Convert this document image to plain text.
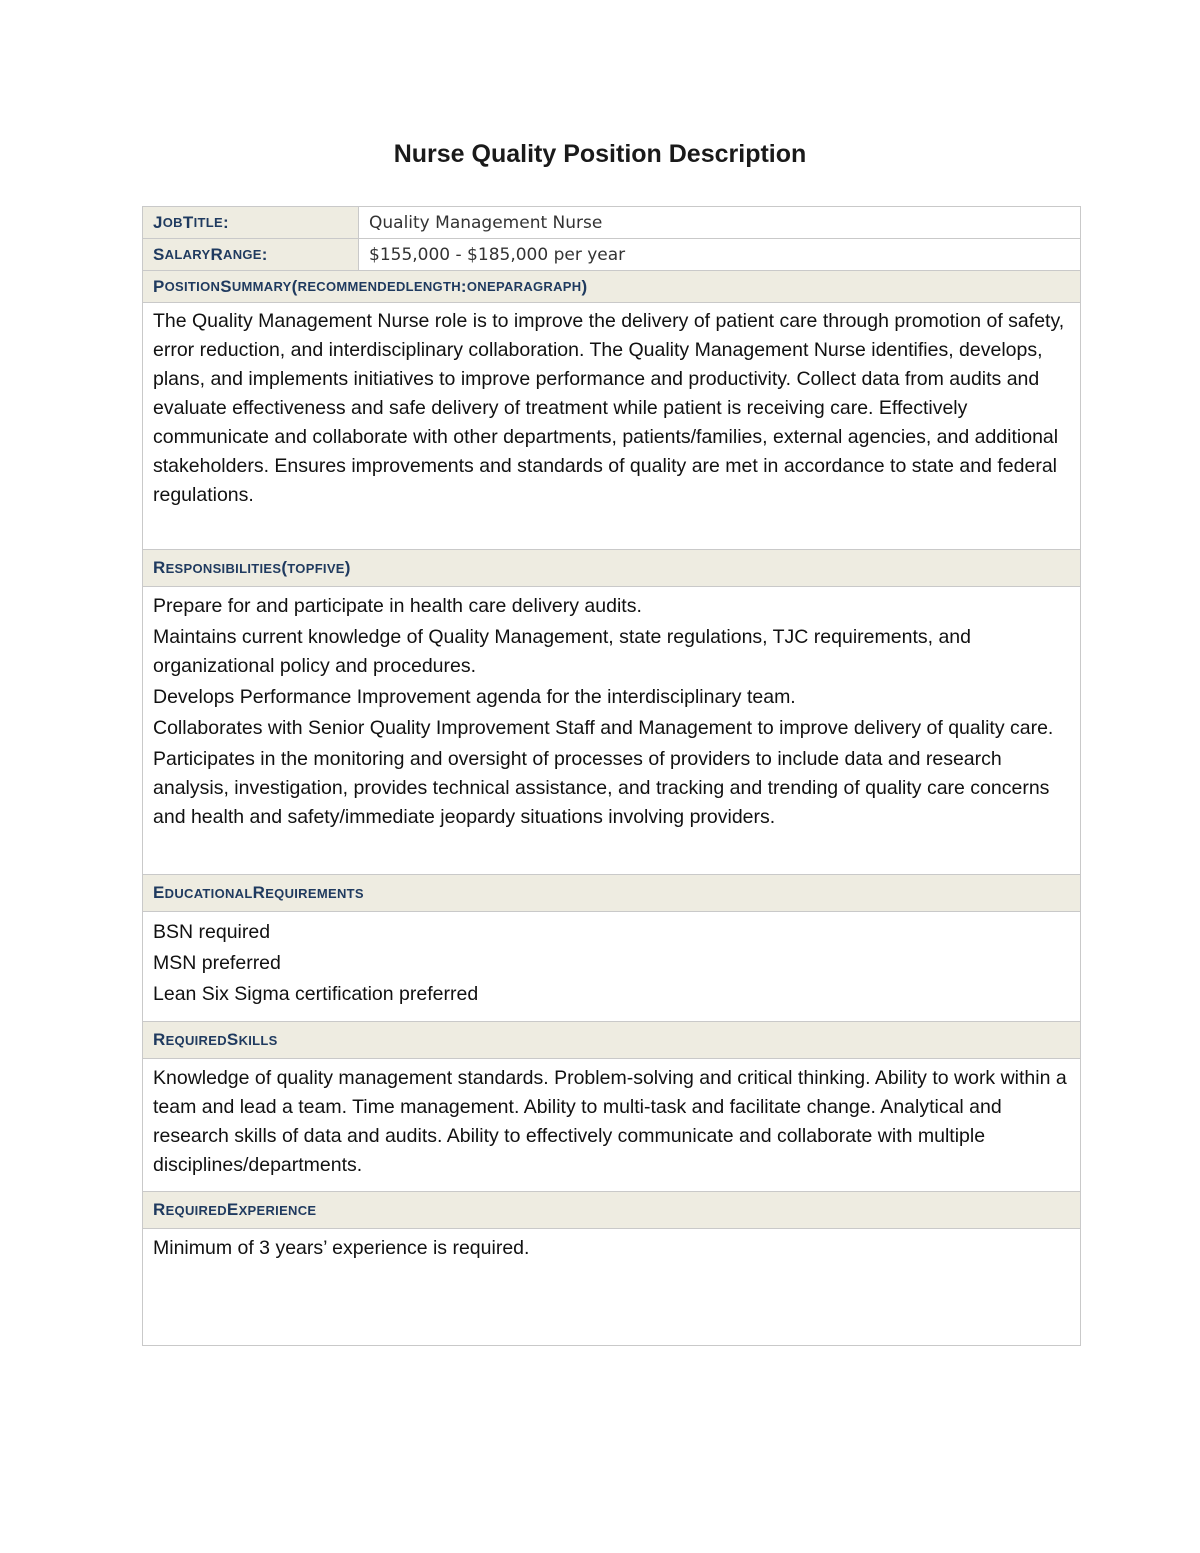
Nurse Quality Position Description
J OB T ITLE :	Quality Management Nurse
S ALARY R ANGE :	$155,000 - $185,000 per year
P OSITION S UMMARY ( RECOMMENDED LENGTH : ONE PARAGRAPH )

The Quality Management Nurse role is to improve the delivery of patient care through promotion of safety, error reduction, and interdisciplinary collaboration. The Quality Management Nurse identifies, develops, plans, and implements initiatives to improve performance and productivity. Collect data from audits and evaluate effectiveness and safe delivery of treatment while patient is receiving care. Effectively communicate and collaborate with other departments, patients/families, external agencies, and additional stakeholders. Ensures improvements and standards of quality are met in accordance to state and federal regulations.

R ESPONSIBILITIES ( TOP FIVE )

Prepare for and participate in health care delivery audits.

Maintains current knowledge of Quality Management, state regulations, TJC requirements, and organizational policy and procedures.

Develops Performance Improvement agenda for the interdisciplinary team.

Collaborates with Senior Quality Improvement Staff and Management to improve delivery of quality care.

Participates in the monitoring and oversight of processes of providers to include data and research analysis, investigation, provides technical assistance, and tracking and trending of quality care concerns and health and safety/immediate jeopardy situations involving providers.

E DUCATIONAL R EQUIREMENTS

BSN required

MSN preferred

Lean Six Sigma certification preferred

R EQUIRED S KILLS

Knowledge of quality management standards. Problem-solving and critical thinking. Ability to work within a team and lead a team. Time management. Ability to multi-task and facilitate change. Analytical and research skills of data and audits. Ability to effectively communicate and collaborate with multiple disciplines/departments.

R EQUIRED E XPERIENCE

Minimum of 3 years’ experience is required.
